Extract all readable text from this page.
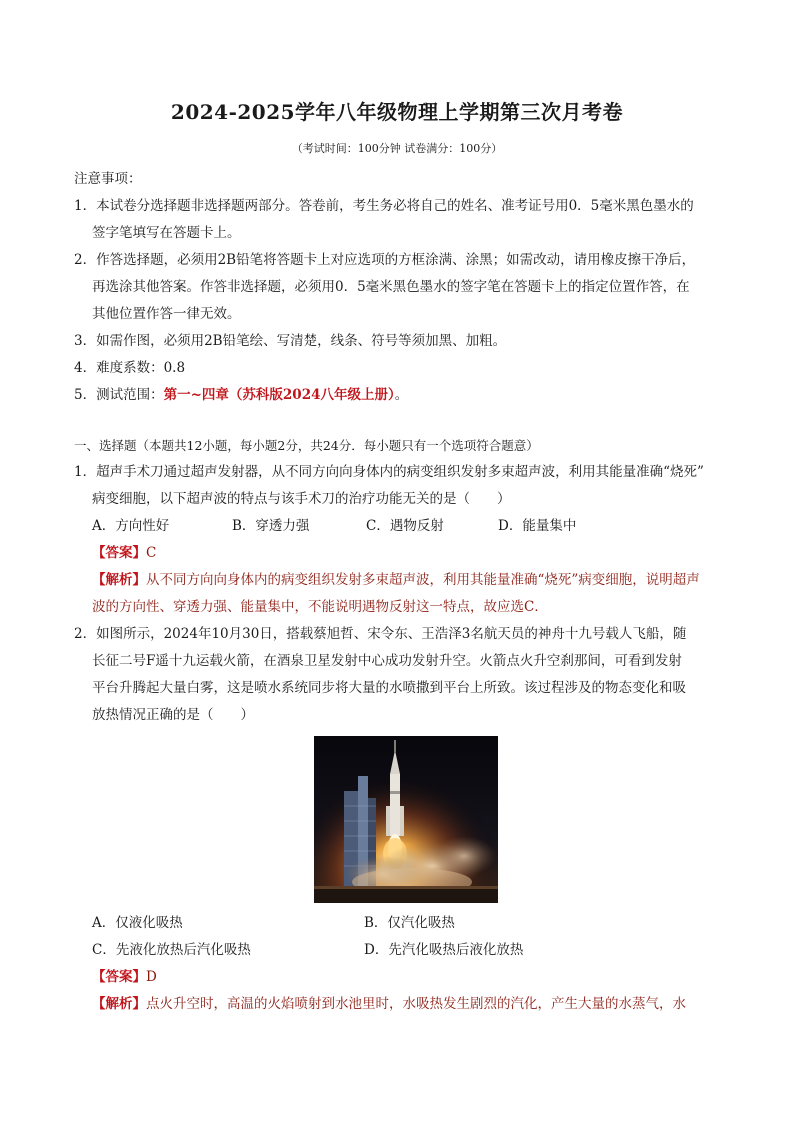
2024-2025学年八年级物理上学期第三次月考卷
（考试时间：100分钟 试卷满分：100分）
注意事项：
1．本试卷分选择题非选择题两部分。答卷前，考生务必将自己的姓名、准考证号用0．5毫米黑色墨水的
签字笔填写在答题卡上。
2．作答选择题，必须用2B铅笔将答题卡上对应选项的方框涂满、涂黑；如需改动，请用橡皮擦干净后，
再选涂其他答案。作答非选择题，必须用0．5毫米黑色墨水的签字笔在答题卡上的指定位置作答，在
其他位置作答一律无效。
3．如需作图，必须用2B铅笔绘、写清楚，线条、符号等须加黑、加粗。
4．难度系数：0.8
5．测试范围：第一~四章（苏科版2024八年级上册）。
一、选择题（本题共12小题，每小题2分，共24分．每小题只有一个选项符合题意）
1．超声手术刀通过超声发射器，从不同方向向身体内的病变组织发射多束超声波，利用其能量准确“烧死”
病变细胞，以下超声波的特点与该手术刀的治疗功能无关的是（　　）
A．方向性好	B．穿透力强	C．遇物反射	D．能量集中
【答案】C
【解析】从不同方向向身体内的病变组织发射多束超声波，利用其能量准确“烧死”病变细胞，说明超声
波的方向性、穿透力强、能量集中，不能说明遇物反射这一特点，故应选C．
2．如图所示，2024年10月30日，搭载蔡旭哲、宋令东、王浩泽3名航天员的神舟十九号载人飞船，随
长征二号F遥十九运载火箭，在酒泉卫星发射中心成功发射升空。火箭点火升空刹那间，可看到发射
平台升腾起大量白雾，这是喷水系统同步将大量的水喷撒到平台上所致。该过程涉及的物态变化和吸
放热情况正确的是（　　）
A．仅液化吸热	B．仅汽化吸热
C．先液化放热后汽化吸热	D．先汽化吸热后液化放热
【答案】D
【解析】点火升空时，高温的火焰喷射到水池里时，水吸热发生剧烈的汽化，产生大量的水蒸气，水
